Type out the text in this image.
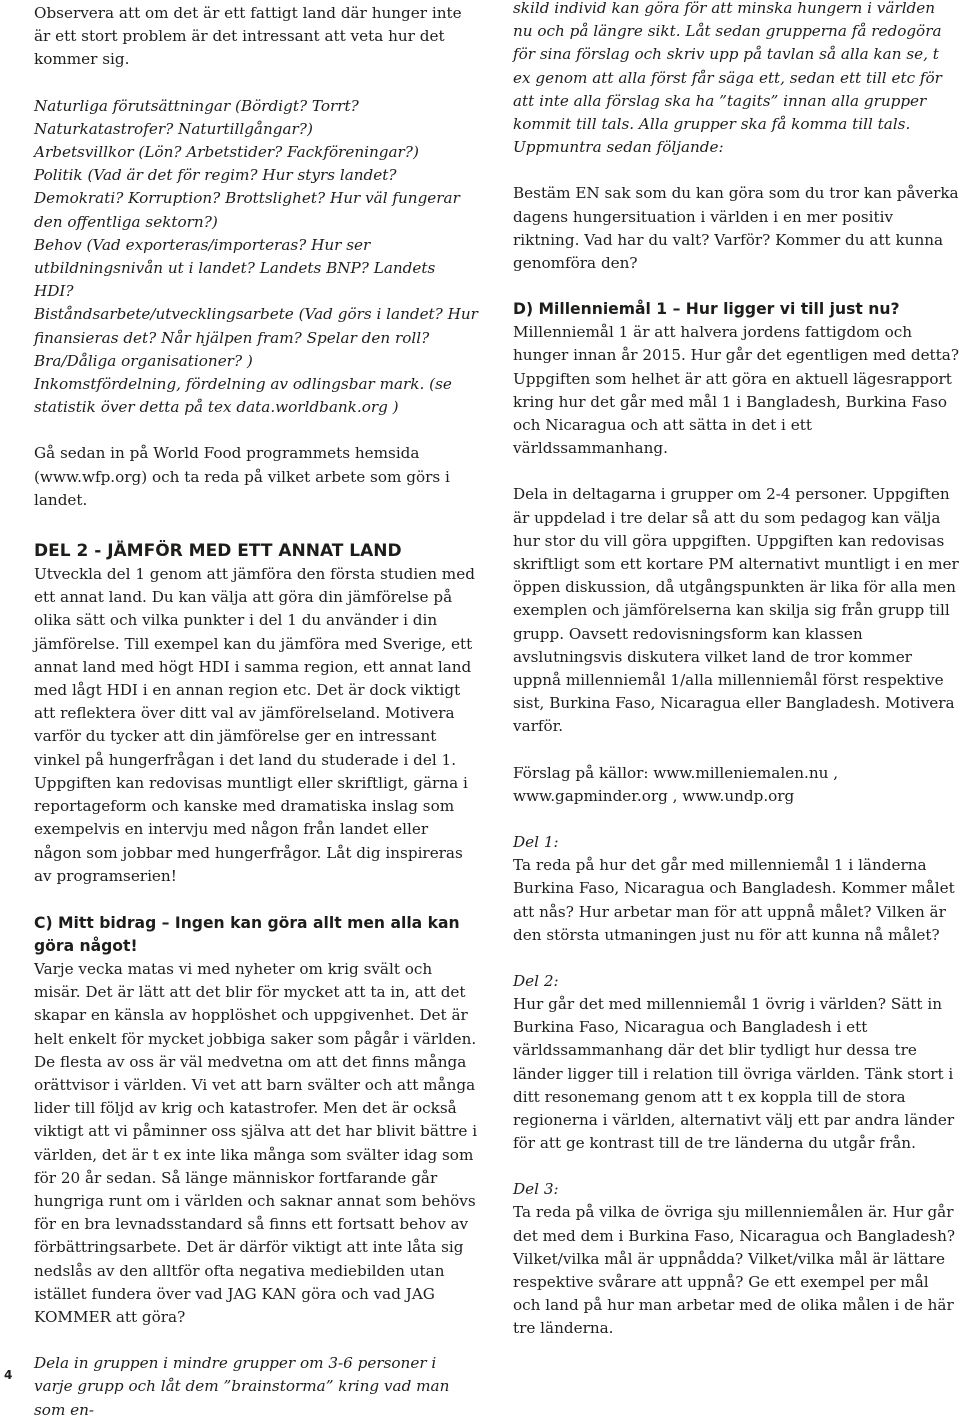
Observera att om det är ett fattigt land där hunger inte är ett stort problem är det intressant att veta hur det kommer sig.

Naturliga förutsättningar (Bördigt? Torrt? Naturkatastrofer? Naturtillgångar?)

Arbetsvillkor (Lön? Arbetstider? Fackföreningar?)

Politik (Vad är det för regim? Hur styrs landet? Demokrati? Korruption? Brottslighet? Hur väl fungerar den offentliga sektorn?)

Behov (Vad exporteras/importeras? Hur ser utbildningsnivån ut i landet? Landets BNP? Landets HDI?

Biståndsarbete/utvecklingsarbete (Vad görs i landet? Hur finansieras det? Når hjälpen fram? Spelar den roll? Bra/Dåliga organisationer? )

Inkomstfördelning, fördelning av odlingsbar mark. (se statistik över detta på tex data.worldbank.org )

Gå sedan in på World Food programmets hemsida (www.wfp.org) och ta reda på vilket arbete som görs i landet.

DEL 2 - JÄMFÖR MED ETT ANNAT LAND

Utveckla del 1 genom att jämföra den första studien med ett annat land. Du kan välja att göra din jämförelse på olika sätt och vilka punkter i del 1 du använder i din jämförelse. Till exempel kan du jämföra med Sverige, ett annat land med högt HDI i samma region, ett annat land med lågt HDI i en annan region etc. Det är dock viktigt att reflektera över ditt val av jämförelseland. Motivera varför du tycker att din jämförelse ger en intressant vinkel på hungerfrågan i det land du studerade i del 1. Uppgiften kan redovisas muntligt eller skriftligt, gärna i reportageform och kanske med dramatiska inslag som exempelvis en intervju med någon från landet eller någon som jobbar med hungerfrågor. Låt dig inspireras av programserien!

C) Mitt bidrag – Ingen kan göra allt men alla kan göra något!

Varje vecka matas vi med nyheter om krig svält och misär. Det är lätt att det blir för mycket att ta in, att det skapar en känsla av hopplöshet och uppgivenhet. Det är helt enkelt för mycket jobbiga saker som pågår i världen. De flesta av oss är väl medvetna om att det finns många orättvisor i världen. Vi vet att barn svälter och att många lider till följd av krig och katastrofer. Men det är också viktigt att vi påminner oss själva att det har blivit bättre i världen, det är t ex inte lika många som svälter idag som för 20 år sedan. Så länge människor fortfarande går hungriga runt om i världen och saknar annat som behövs för en bra levnadsstandard så finns ett fortsatt behov av förbättringsarbete. Det är därför viktigt att inte låta sig nedslås av den alltför ofta negativa mediebilden utan istället fundera över vad JAG KAN göra och vad JAG KOMMER att göra?

Dela in gruppen i mindre grupper om 3-6 personer i varje grupp och låt dem ”brainstorma” kring vad man som en-

skild individ kan göra för att minska hungern i världen nu och på längre sikt. Låt sedan grupperna få redogöra för sina förslag och skriv upp på tavlan så alla kan se, t ex genom att alla först får säga ett, sedan ett till etc för att inte alla förslag ska ha ”tagits” innan alla grupper kommit till tals. Alla grupper ska få komma till tals. Uppmuntra sedan följande:

Bestäm EN sak som du kan göra som du tror kan påverka dagens hungersituation i världen i en mer positiv riktning. Vad har du valt? Varför? Kommer du att kunna genomföra den?

D) Millenniemål 1 – Hur ligger vi till just nu?

Millenniemål 1 är att halvera jordens fattigdom och hunger innan år 2015. Hur går det egentligen med detta? Uppgiften som helhet är att göra en aktuell lägesrapport kring hur det går med mål 1 i Bangladesh, Burkina Faso och Nicaragua och att sätta in det i ett världssammanhang.

Dela in deltagarna i grupper om 2-4 personer. Uppgiften är uppdelad i tre delar så att du som pedagog kan välja hur stor du vill göra uppgiften. Uppgiften kan redovisas skriftligt som ett kortare PM alternativt muntligt i en mer öppen diskussion, då utgångspunkten är lika för alla men exemplen och jämförelserna kan skilja sig från grupp till grupp. Oavsett redovisningsform kan klassen avslutningsvis diskutera vilket land de tror kommer uppnå millenniemål 1/alla millenniemål först respektive sist, Burkina Faso, Nicaragua eller Bangladesh. Motivera varför.

Förslag på källor: www.milleniemalen.nu , www.gapminder.org , www.undp.org

Del 1:

Ta reda på hur det går med millenniemål 1 i länderna Burkina Faso, Nicaragua och Bangladesh. Kommer målet att nås? Hur arbetar man för att uppnå målet? Vilken är den största utmaningen just nu för att kunna nå målet?

Del 2:

Hur går det med millenniemål 1 övrig i världen? Sätt in Burkina Faso, Nicaragua och Bangladesh i ett världssammanhang där det blir tydligt hur dessa tre länder ligger till i relation till övriga världen. Tänk stort i ditt resonemang genom att t ex koppla till de stora regionerna i världen, alternativt välj ett par andra länder för att ge kontrast till de tre länderna du utgår från.

Del 3:

Ta reda på vilka de övriga sju millenniemålen är. Hur går det med dem i Burkina Faso, Nicaragua och Bangladesh? Vilket/vilka mål är uppnådda? Vilket/vilka mål är lättare respektive svårare att uppnå? Ge ett exempel per mål och land på hur man arbetar med de olika målen i de här tre länderna.

4
